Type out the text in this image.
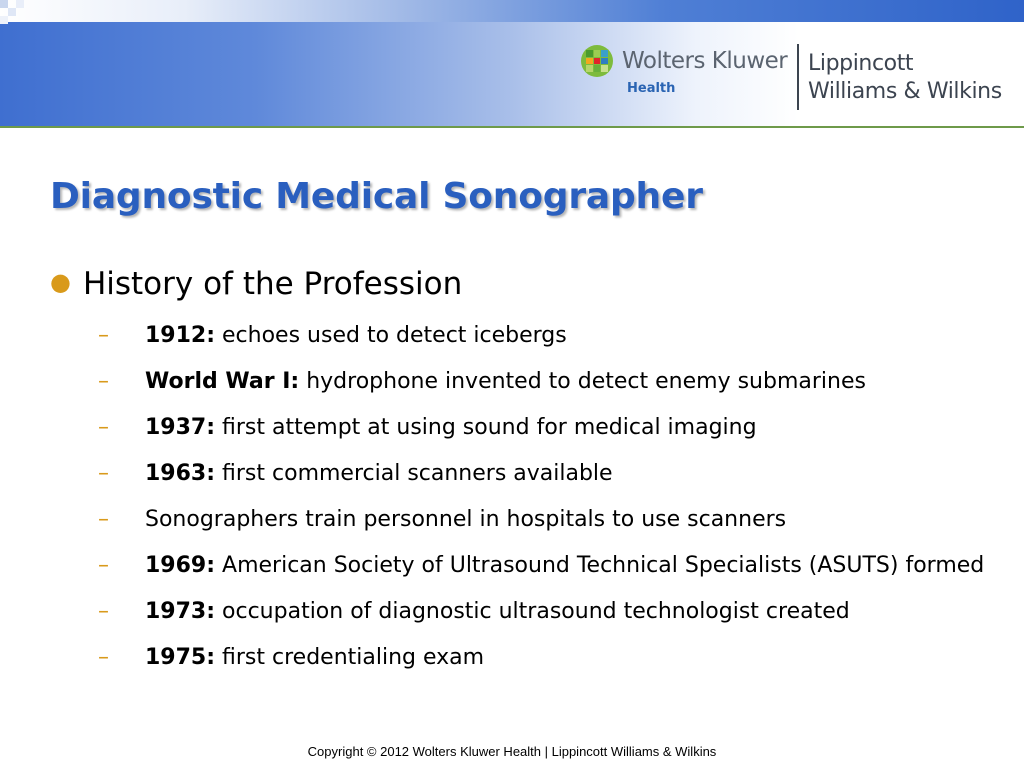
Wolters Kluwer
Health
Lippincott
Williams & Wilkins
Diagnostic Medical Sonographer
● History of the Profession
– 1912: echoes used to detect icebergs
– World War I: hydrophone invented to detect enemy submarines
– 1937: first attempt at using sound for medical imaging
– 1963: first commercial scanners available
– Sonographers train personnel in hospitals to use scanners
– 1969: American Society of Ultrasound Technical Specialists (ASUTS) formed
– 1973: occupation of diagnostic ultrasound technologist created
– 1975: first credentialing exam
Copyright © 2012 Wolters Kluwer Health | Lippincott Williams & Wilkins
